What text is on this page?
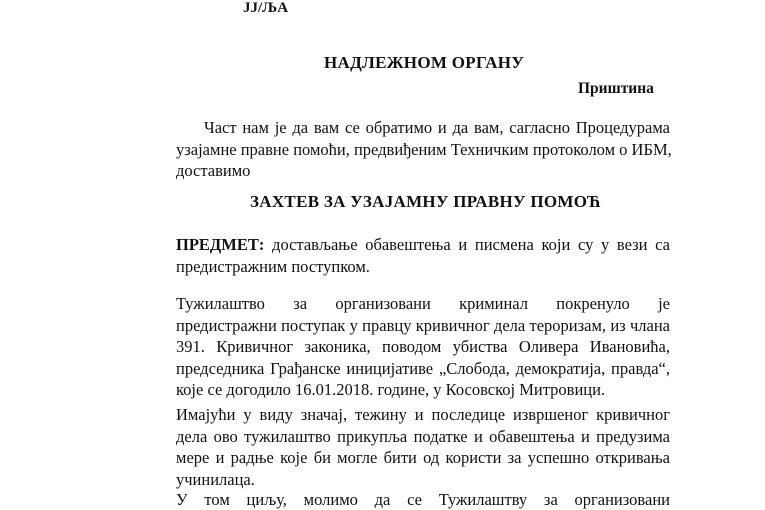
JJ/ЉА
НАДЛЕЖНОМ ОРГАНУ
Приштина
Част нам је да вам се обратимо и да вам, сагласно Процедурама
узајамне правне помоћи, предвиђеним Техничким протоколом о ИБМ,
доставимо
ЗАХТЕВ ЗА УЗАЈАМНУ ПРАВНУ ПОМОЋ
ПРЕДМЕТ: достављање обавештења и писмена који су у вези са
предистражним поступком.
Тужилаштво за организовани криминал покренуло је
предистражни поступак у правцу кривичног дела тероризам, из члана
391. Кривичног законика, поводом убиства Оливера Ивановића,
председника Грађанске иницијативе „Слобода, демократија, правда“,
које се догодило 16.01.2018. године, у Косовској Митровици.
Имајући у виду значај, тежину и последице извршеног кривичног
дела ово тужилаштво прикупља податке и обавештења и предузима
мере и радње које би могле бити од користи за успешно откривања
учинилаца.
У том циљу, молимо да се Тужилаштву за организовани
